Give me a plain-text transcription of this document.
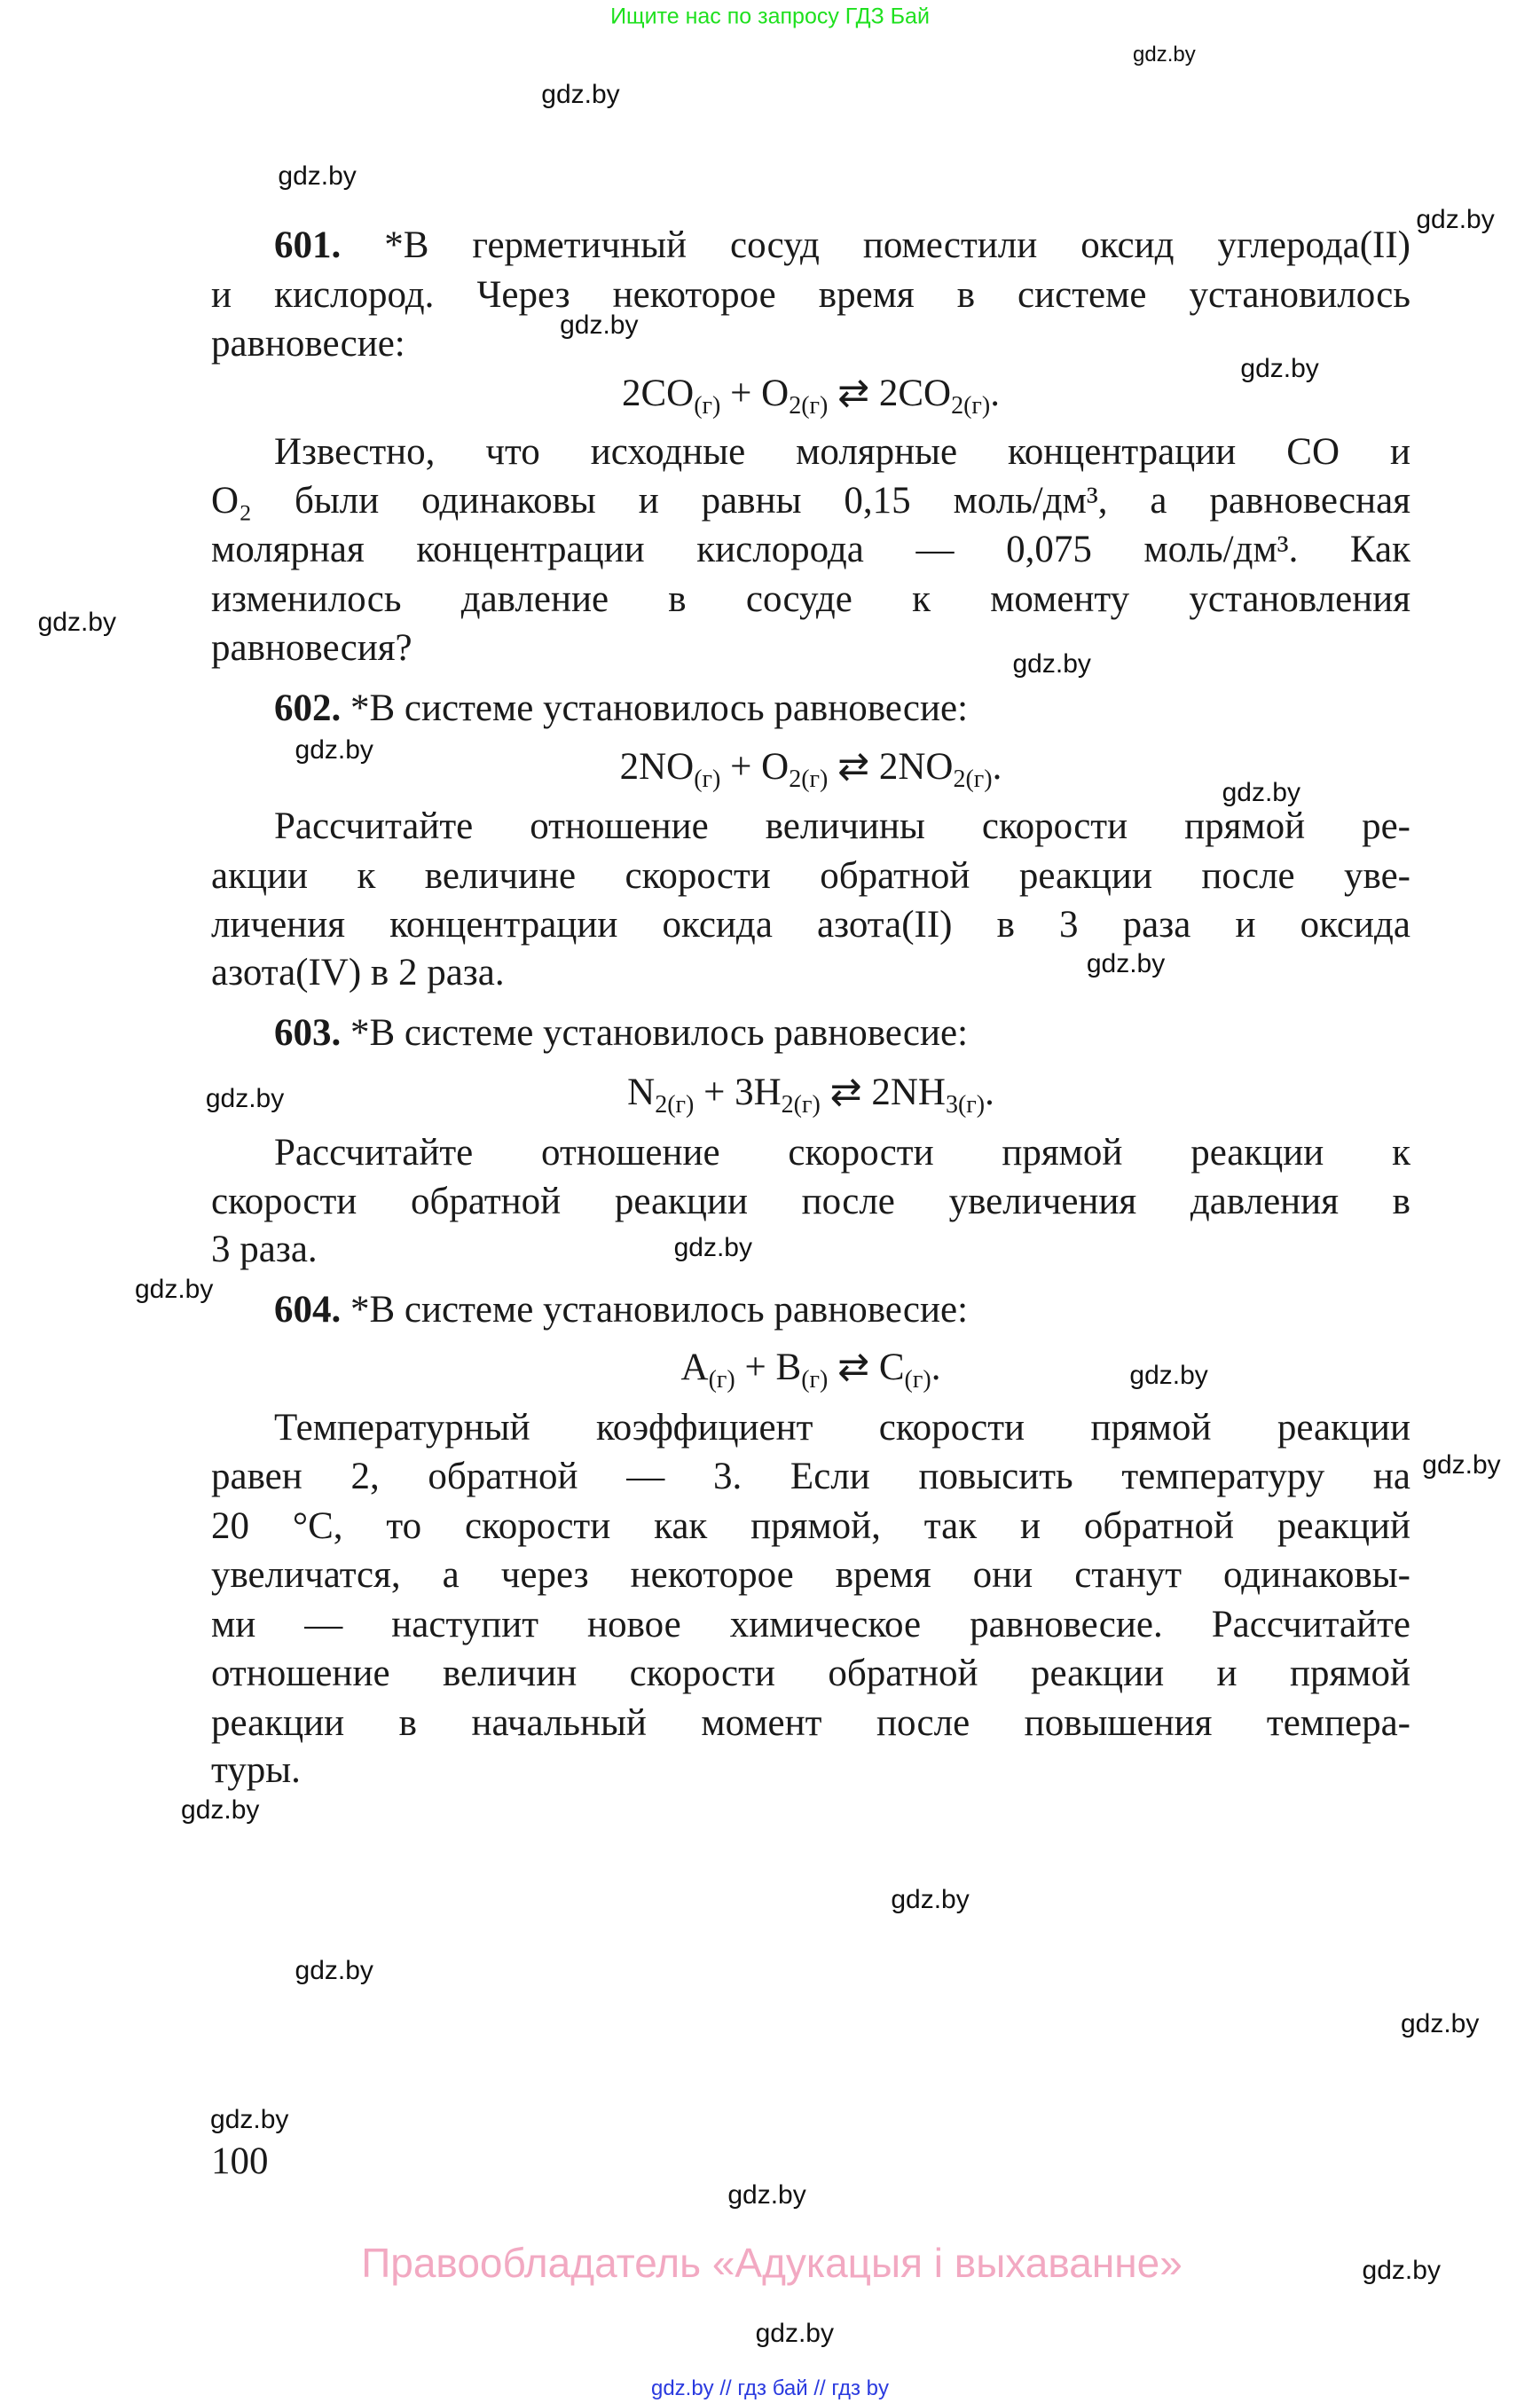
Ищите нас по запросу ГДЗ Бай
gdz.by
gdz.by
gdz.by
gdz.by
gdz.by
gdz.by
gdz.by
gdz.by
gdz.by
gdz.by
gdz.by
gdz.by
gdz.by
gdz.by
gdz.by
gdz.by
gdz.by
gdz.by
gdz.by
gdz.by
gdz.by
gdz.by
gdz.by
gdz.by
601. *В герметичный сосуд поместили оксид углерода(II)
и кислород. Через некоторое время в системе установилось
равновесие:
$2CO_{(г)} + O_{2(г)}$ ⇄ $2CO_{2(г)}$.
Известно, что исходные молярные концентрации CO и
O₂ были одинаковы и равны 0,15 моль/дм³, а равновесная
молярная концентрации кислорода — 0,075 моль/дм³. Как
изменилось давление в сосуде к моменту установления
равновесия?
602. *В системе установилось равновесие:
$2NO_{(г)} + O_{2(г)}$ ⇄ $2NO_{2(г)}$.
Рассчитайте отношение величины скорости прямой ре-
акции к величине скорости обратной реакции после уве-
личения концентрации оксида азота(II) в 3 раза и оксида
азота(IV) в 2 раза.
603. *В системе установилось равновесие:
$N_{2(г)} + 3H_{2(г)}$ ⇄ $2NH_{3(г)}$.
Рассчитайте отношение скорости прямой реакции к
скорости обратной реакции после увеличения давления в
3 раза.
604. *В системе установилось равновесие:
$A_{(г)} + B_{(г)}$ ⇄ $C_{(г)}$.
Температурный коэффициент скорости прямой реакции
равен 2, обратной — 3. Если повысить температуру на
20 °C, то скорости как прямой, так и обратной реакций
увеличатся, а через некоторое время они станут одинаковы-
ми — наступит новое химическое равновесие. Рассчитайте
отношение величин скорости обратной реакции и прямой
реакции в начальный момент после повышения темпера-
туры.
100
Правообладатель «Адукацыя і выхаванне»
gdz.by // гдз бай // гдз by
